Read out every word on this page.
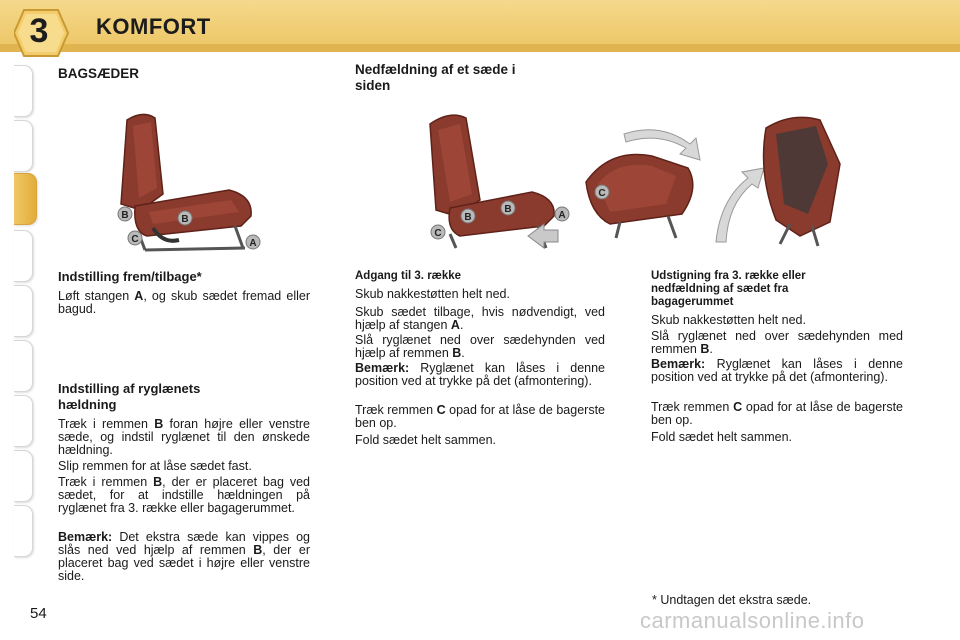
3	KOMFORT
BAGSÆDER
B	B
C	A
Indstilling frem/tilbage*
Løft stangen A, og skub sædet fremad eller bagud.
Indstilling af ryglænets
hældning
Træk i remmen B foran højre eller venstre sæde, og indstil ryglænet til den ønskede hældning.
Slip remmen for at låse sædet fast.
Træk i remmen B, der er placeret bag ved sædet, for at indstille hældningen på ryglænet fra 3. række eller bagagerummet.
Bemærk: Det ekstra sæde kan vippes og slås ned ved hjælp af remmen B, der er placeret bag ved sædet i højre eller venstre side.
Nedfældning af et sæde i
siden
B
B
C
A
C
Adgang til 3. række
Skub nakkestøtten helt ned.
Skub sædet tilbage, hvis nødvendigt, ved hjælp af stangen A.
Slå ryglænet ned over sædehynden ved hjælp af remmen B.
Bemærk: Ryglænet kan låses i denne position ved at trykke på det (afmontering).
Træk remmen C opad for at låse de bagerste ben op.
Fold sædet helt sammen.
Udstigning fra 3. række eller
nedfældning af sædet fra
bagagerummet
Skub nakkestøtten helt ned.
Slå ryglænet ned over sædehynden med remmen B.
Bemærk: Ryglænet kan låses i denne position ved at trykke på det (afmontering).
Træk remmen C opad for at låse de bagerste ben op.
Fold sædet helt sammen.
* Undtagen det ekstra sæde.
54	carmanualsonline.info
